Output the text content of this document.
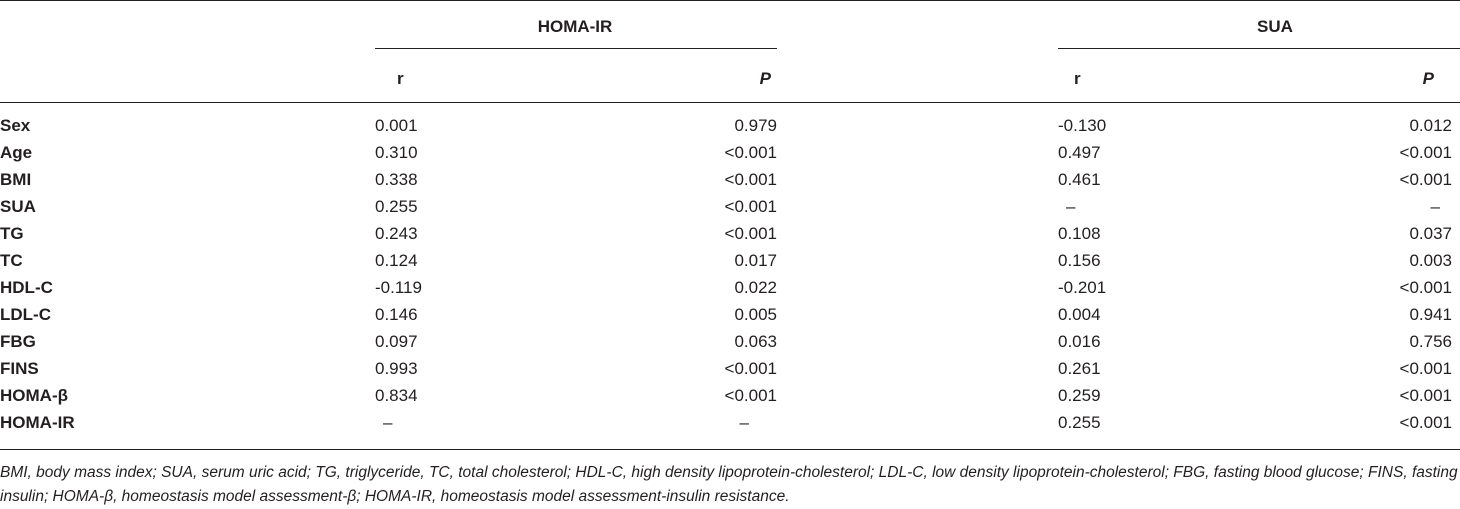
HOMA-IR	SUA
r	P	r	P
Sex	0.001	0.979	-0.130	0.012
Age	0.310	<0.001	0.497	<0.001
BMI	0.338	<0.001	0.461	<0.001
SUA	0.255	<0.001	–	–
TG	0.243	<0.001	0.108	0.037
TC	0.124	0.017	0.156	0.003
HDL-C	-0.119	0.022	-0.201	<0.001
LDL-C	0.146	0.005	0.004	0.941
FBG	0.097	0.063	0.016	0.756
FINS	0.993	<0.001	0.261	<0.001
HOMA-β	0.834	<0.001	0.259	<0.001
HOMA-IR	–	–	0.255	<0.001
BMI, body mass index; SUA, serum uric acid; TG, triglyceride, TC, total cholesterol; HDL-C, high density lipoprotein-cholesterol; LDL-C, low density lipoprotein-cholesterol; FBG, fasting blood glucose; FINS, fasting insulin; HOMA-β, homeostasis model assessment-β; HOMA-IR, homeostasis model assessment-insulin resistance.
